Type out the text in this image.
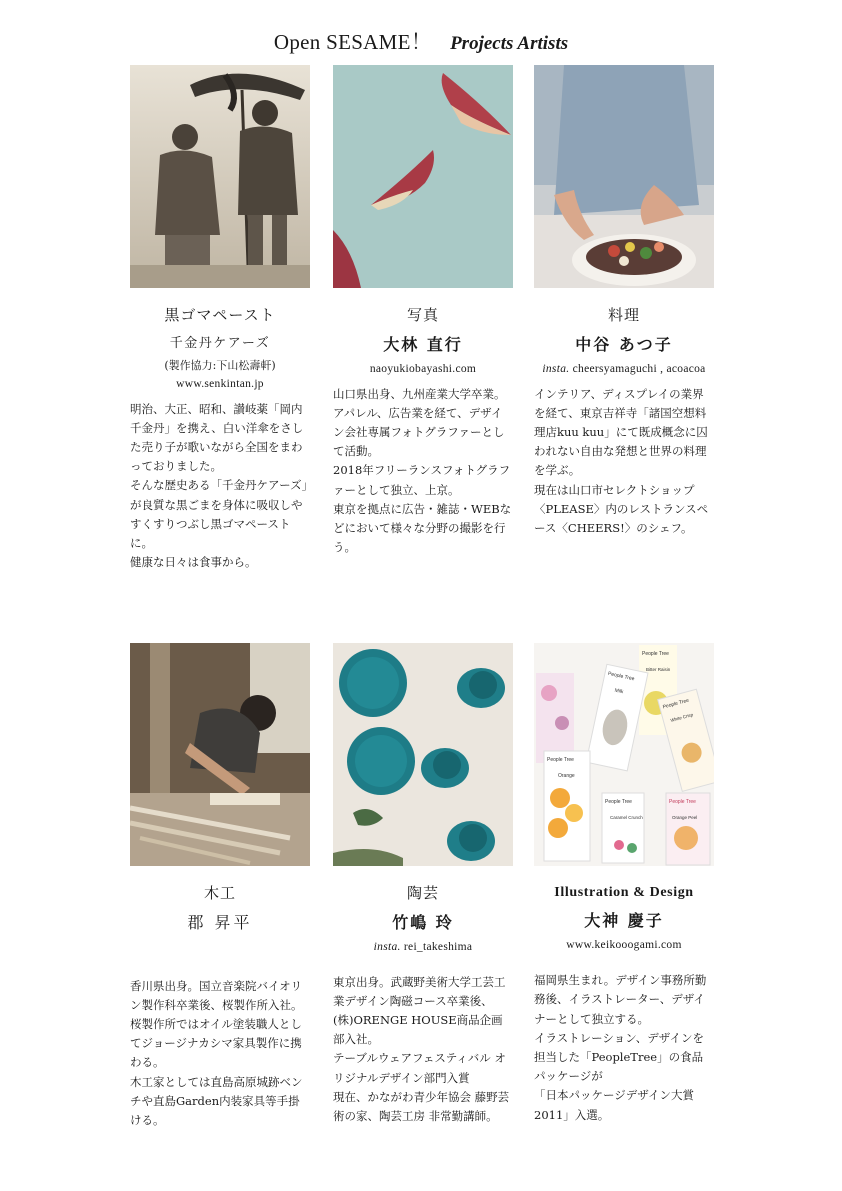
Open SESAME！ Projects Artists
黒ゴマペースト
千金丹ケアーズ
(製作協力:下山松壽軒)
www.senkintan.jp

明治、大正、昭和、讃岐薬「岡内千金丹」を携え、白い洋傘をさした売り子が歌いながら全国をまわっておりました。

そんな歴史ある「千金丹ケアーズ」が良質な黒ごまを身体に吸収しやすくすりつぶし黒ゴマペーストに。

健康な日々は食事から。

写真
大林 直行
naoyukiobayashi.com

山口県出身、九州産業大学卒業。アパレル、広告業を経て、デザイン会社専属フォトグラファーとして活動。

2018年フリーランスフォトグラファーとして独立、上京。

東京を拠点に広告・雑誌・WEBなどにおいて様々な分野の撮影を行う。

料理
中谷 あつ子
insta. cheersyamaguchi , acoacoa

インテリア、ディスプレイの業界を経て、東京吉祥寺「諸国空想料理店kuu kuu」にて既成概念に囚われない自由な発想と世界の料理を学ぶ。

現在は山口市セレクトショップ〈PLEASE〉内のレストランスペース〈CHEERS!〉のシェフ。

木工
郡 昇平

香川県出身。国立音楽院バイオリン製作科卒業後、桜製作所入社。

桜製作所ではオイル塗装職人としてジョージナカシマ家具製作に携わる。

木工家としては直島高原城跡ベンチや直島Garden内装家具等手掛ける。

陶芸
竹嶋 玲
insta. rei_takeshima

東京出身。武蔵野美術大学工芸工業デザイン陶磁コース卒業後、(株)ORENGE HOUSE商品企画部入社。

テーブルウェアフェスティバル オリジナルデザイン部門入賞

現在、かながわ青少年協会 藤野芸術の家、陶芸工房 非常勤講師。

People Tree
Bitter Raisin
People Tree
Milk
People Tree
White Crisp
People Tree
Orange
People Tree
Caramel Crunch
People Tree
Orange Peel
Illustration & Design
大神 慶子
www.keikooogami.com

福岡県生まれ。デザイン事務所勤務後、イラストレーター、デザイナーとして独立する。

イラストレーション、デザインを担当した「PeopleTree」の食品パッケージが

「日本パッケージデザイン大賞2011」入選。
